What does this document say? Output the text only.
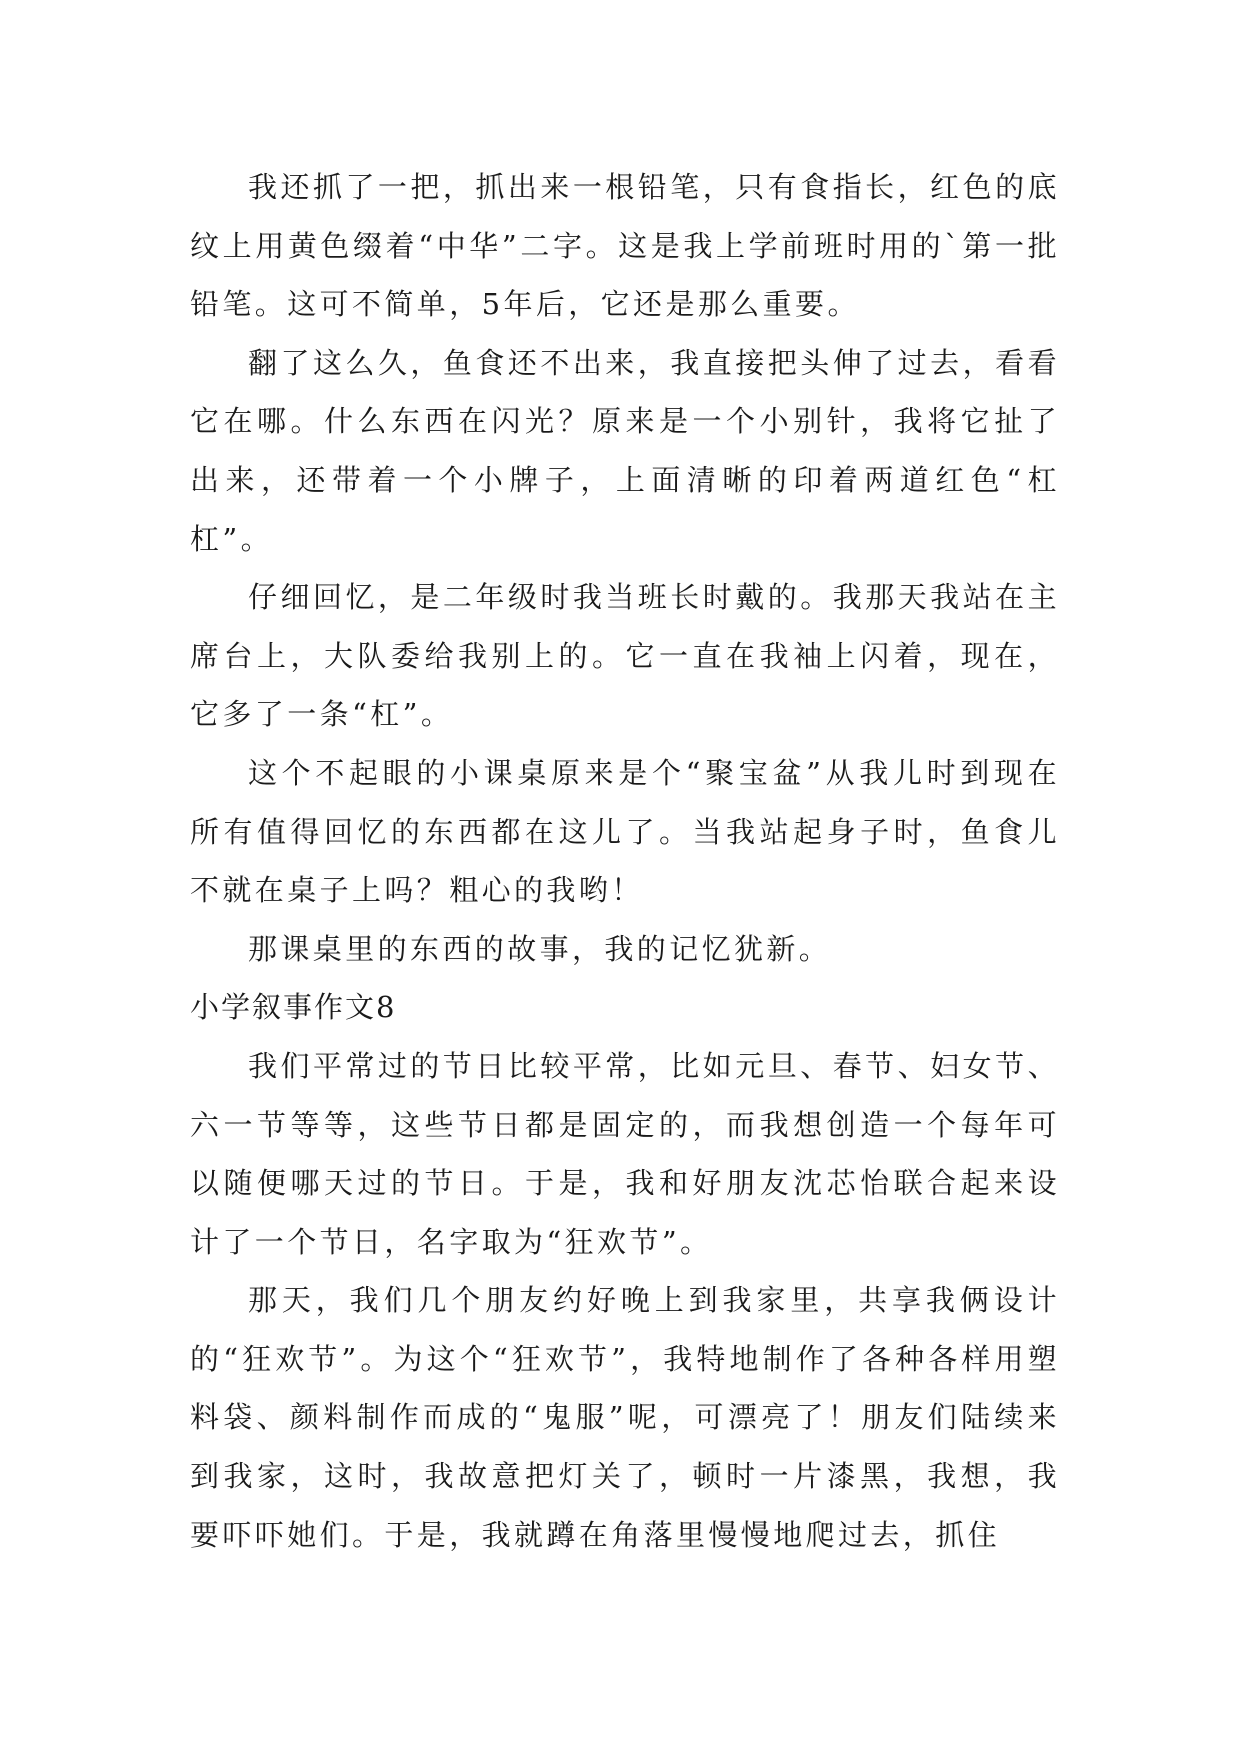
我还抓了一把，抓出来一根铅笔，只有食指长，红色的底纹上用黄色缀着“中华”二字。这是我上学前班时用的`第一批铅笔。这可不简单，5年后，它还是那么重要。

翻了这么久，鱼食还不出来，我直接把头伸了过去，看看它在哪。什么东西在闪光？原来是一个小别针，我将它扯了出来，还带着一个小牌子，上面清晰的印着两道红色“杠杠”。

仔细回忆，是二年级时我当班长时戴的。我那天我站在主席台上，大队委给我别上的。它一直在我袖上闪着，现在，它多了一条“杠”。

这个不起眼的小课桌原来是个“聚宝盆”从我儿时到现在所有值得回忆的东西都在这儿了。当我站起身子时，鱼食儿不就在桌子上吗？粗心的我哟！

那课桌里的东西的故事，我的记忆犹新。

小学叙事作文8

我们平常过的节日比较平常，比如元旦、春节、妇女节、六一节等等，这些节日都是固定的，而我想创造一个每年可以随便哪天过的节日。于是，我和好朋友沈芯怡联合起来设计了一个节日，名字取为“狂欢节”。

那天，我们几个朋友约好晚上到我家里，共享我俩设计的“狂欢节”。为这个“狂欢节”，我特地制作了各种各样用塑料袋、颜料制作而成的“鬼服”呢，可漂亮了！朋友们陆续来到我家，这时，我故意把灯关了，顿时一片漆黑，我想，我要吓吓她们。于是，我就蹲在角落里慢慢地爬过去，抓住
